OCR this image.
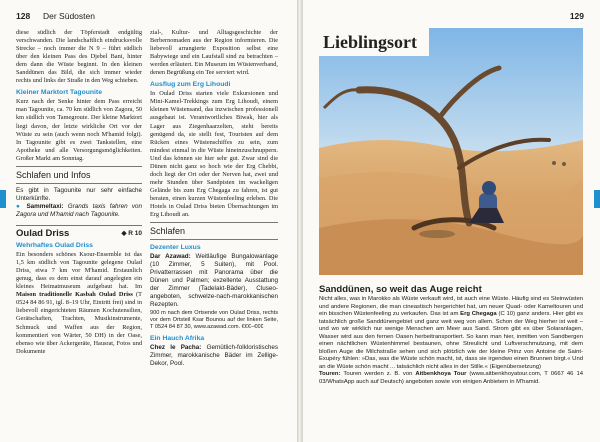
128 Der Südosten

diese südlich der Töpferstadt endgültig verschwanden. Die landschaftlich eindrucksvolle Strecke – noch immer die N 9 – führt südlich über den kleinen Pass des Djebel Bani, hinter dem dann die Wüste beginnt. In den kleinen Sanddünen das Bild, die sich immer wieder rechts und links der Straße in den Weg schieben.

Kleiner Marktort Tagounite

Kurz nach der Senke hinter dem Pass erreicht man Tagounite, ca. 70 km südlich von Zagora, 50 km südlich von Tamegroute. Der kleine Marktort liegt davon, der letzte wirkliche Ort vor der Wüste zu sein (auch wenn noch M'hamid folgt). In Tagounite gibt es zwei Tankstellen, eine Apotheke und alle Versorgungsmöglichkeiten. Großer Markt am Sonntag.

Schlafen und Infos

Es gibt in Tagounite nur sehr einfache Unterkünfte.

● Sammeltaxi: Grands taxis fahren von Zagora und M'hamid nach Tagounite.

Oulad Driss	◆ R 10
Wehrhaftes Oulad Driss

Ein besonders schönes Ksour-Ensemble ist das 1,5 km südlich von Tagounite gelegene Oulad Driss, etwa 7 km vor M'hamid. Erstaunlich genug, dass es dem einst darauf angelegten ein kleines Heimatmuseum aufgebaut hat. Im Maison traditionelle Kasbah Oulad Driss (T 0524 84 86 91, tgl. 8–19 Uhr, Eintritt frei) sind in liebevoll eingerichteten Räumen Kochutensilien, Gerätschaften, Trachten, Musikinstrumente, Schmuck und Waffen aus der Region, kommentiert von Wärter, 50 DH) in der Oase, ebenso wie über Ackergeräte, Hausrat, Fotos und Dokumente

zial-, Kultur- und Alltagsgeschichte der Berbernomaden aus der Region informieren. Die liebevoll arrangierte Exposition selbst eine Babywiege und ein Laufstall sind zu betrachten – werden erläutert. Ein Museum im Wüstenverband, denen Begrüßung ein Tee serviert wird.

Ausflug zum Erg Lihoudi

In Oulad Driss starten viele Exkursionen und Mini-Kamel-Trekkings zum Erg Lihoudi, einem kleinen Wüstensand, das inzwischen professionell ausgebaut ist. Verantwortliches Biwak, hier als Lager aus Ziegenhaarzelten, steht bereits genügend da, sie stellt fest, Touristen auf dem Rücken eines Wüstenschiffes zu sein, zum mindest einmal in die Wüste hineinzuschnuppern. Und das können sie hier sehr gut. Zwar sind die Dünen nicht ganz so hoch wie der Erg Chebbi, doch liegt der Ort oder der Nerven hat, zwei und mehr Stunden über Sandpisten im wackeligen Gelände bis zum Erg Chegaga zu fahren, ist gut beraten, einen kurzen Wüstenfeeling erleben. Die Hotels in Oulad Driss bieten Übernachtungen im Erg Lihoudi an.

Schlafen
Dezenter Luxus

Dar Azawad: Weitläufige Bungalowanlage (10 Zimmer, 5 Suiten), mit Pool. Privatterrassen mit Panorama über die Dünen und Palmen; exzellente Ausstattung der Zimmer (Tadelakt-Bäder), Cluseo-angeboten, schwelze-nach-marokkanischen Rezepten.

900 m nach dem Ortsende von Oulad Driss, rechts vor dem Ortsteil Ksar Bounou auf der linken Seite, T 0524 84 87 30, www.azawad.com. €€€–€€€

Ein Hauch Afrika

Chez le Pacha: Gemütlich-folkloristisches Zimmer, marokkanische Bäder im Zellige-Dekor, Pool.

129
Lieblingsort
Sanddünen, so weit das Auge reicht
Nicht alles, was in Marokko als Wüste verkauft wird, ist auch eine Wüste. Häufig sind es Steinwüsten und andere Regionen, die man cineastisch hergerichtet hat, um neuer Quad- oder Kameltouren und ein bisschen Wüstenfeeling zu verkaufen. Das ist am Erg Chegaga (C 10) ganz anders. Hier gibt es tatsächlich große Sanddünengebiet und ganz weit weg von allem. Schon der Weg hierher ist weit – und wo wir wirklich nur wenige Menschen am Meer aus Sand. Strom gibt es über Solaranlagen, Wasser wird aus den fernen Oasen herbeitransportiert. So kann man hier, inmitten von Sandbergen einen nächtlichen Wüstenhimmel bestaunen, ohne Streulicht und Luftverschmutzung, mit dem bloßen Auge die Milchstraße sehen und sich plötzlich wie der kleine Prinz von Antoine de Saint-Exupéry fühlen: »Das, was die Wüste schön macht, ist, dass sie irgendwo einen Brunnen birgt.« Und an die Wüste schön macht ... tatsächlich nicht alles in der Stille.« (Eigenübersetzung)
Touren: Touren werden z. B. von Aitbenkhoya Tour (www.aitbenkhoyatour.com, T 0667 46 14 03/WhatsApp auch auf Deutsch) angeboten sowie von einigen Anbietern in M'hamid.
